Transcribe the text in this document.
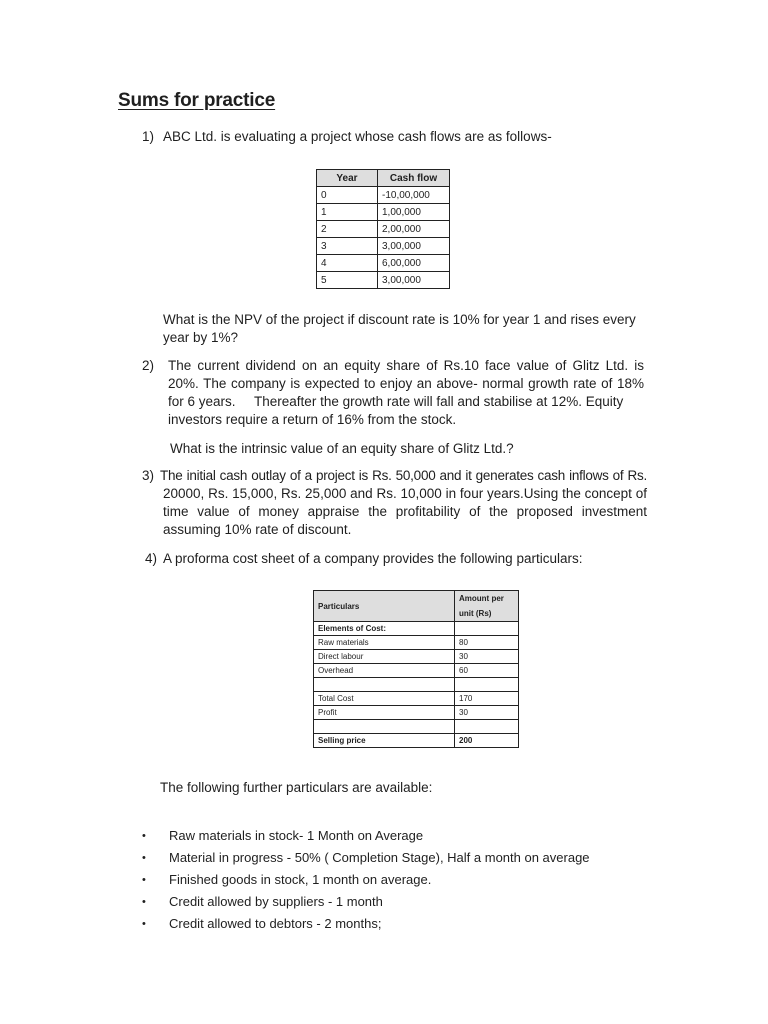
Sums for practice
1) ABC Ltd. is evaluating a project whose cash flows are as follows-
Year	Cash flow
0	-10,00,000
1	1,00,000
2	2,00,000
3	3,00,000
4	6,00,000
5	3,00,000
What is the NPV of the project if discount rate is 10% for year 1 and rises every
year by 1%?
2) The current dividend on an equity share of Rs.10 face value of Glitz Ltd. is
20%. The company is expected to enjoy an above- normal growth rate of 18%
for 6 years.     Thereafter the growth rate will fall and stabilise at 12%. Equity
investors require a return of 16% from the stock.
What is the intrinsic value of an equity share of Glitz Ltd.?
3) The initial cash outlay of a project is Rs. 50,000 and it generates cash inflows of Rs.
20000, Rs. 15,000, Rs. 25,000 and Rs. 10,000 in four years.Using the concept of
time value of money appraise the profitability of the proposed investment
assuming 10% rate of discount.
4) A proforma cost sheet of a company provides the following particulars:
Particulars	Amount per
unit (Rs)
Elements of Cost:	
Raw materials	80
Direct labour	30
Overhead	60

Total Cost	170
Profit	30

Selling price	200
The following further particulars are available:
• Raw materials in stock- 1 Month on Average
• Material in progress - 50% ( Completion Stage), Half a month on average
• Finished goods in stock, 1 month on average.
• Credit allowed by suppliers - 1 month
• Credit allowed to debtors - 2 months;
